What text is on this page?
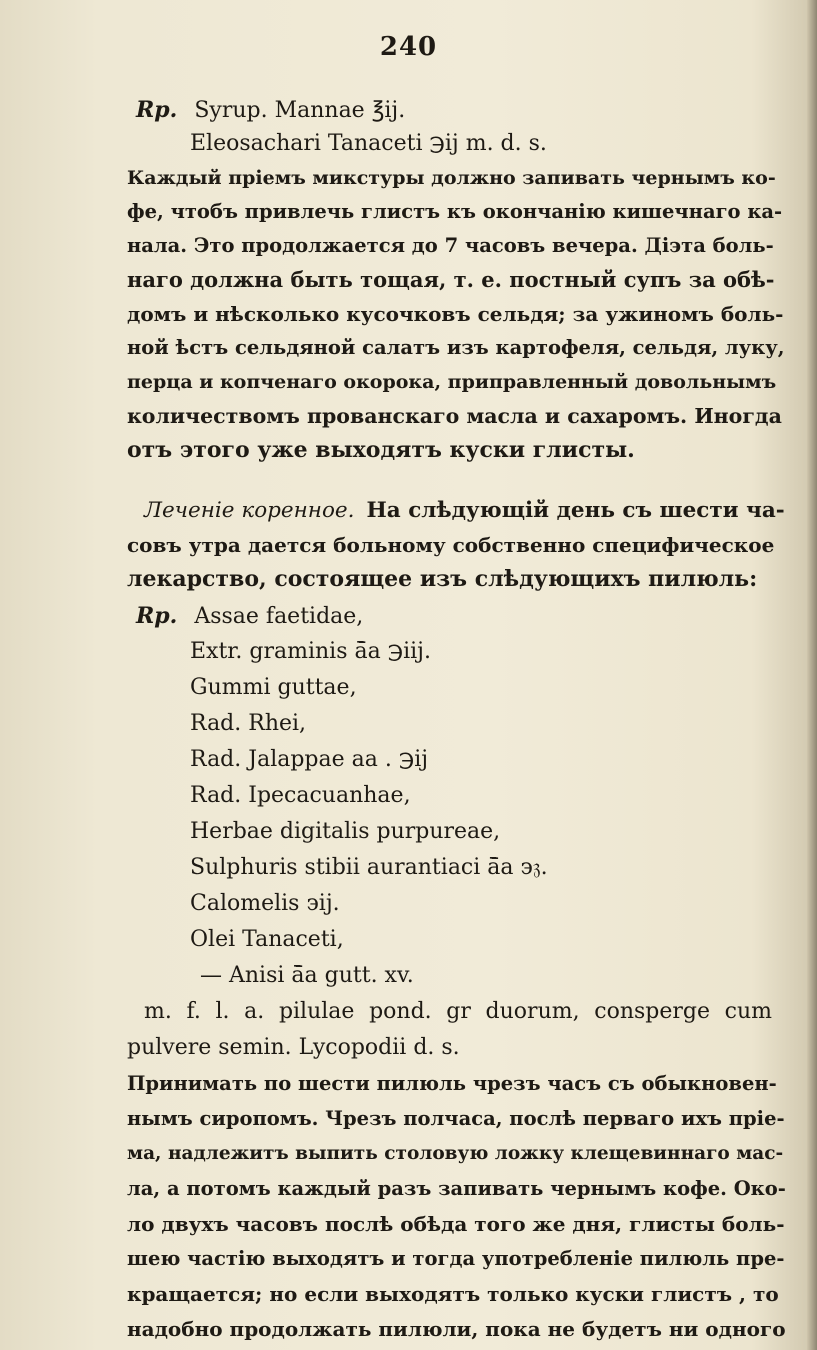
240
Rp. Syrup. Mannae ℥ij.
Eleosachari Tanaceti ℈ij m. d. s.
Каждый пріемъ микстуры должно запивать чернымъ ко-
фе, чтобъ привлечь глистъ къ окончанію кишечнаго ка-
нала. Это продолжается до 7 часовъ вечера. Діэта боль-
наго должна быть тощая, т. е. постный супъ за обѣ-
домъ и нѣсколько кусочковъ сельдя; за ужиномъ боль-
ной ѣстъ сельдяной салатъ изъ картофеля, сельдя, луку,
перца и копченаго окорока, приправленный довольнымъ
количествомъ прованскаго масла и сахаромъ. Иногда
отъ этого уже выходятъ куски глисты.
Леченіе коренное. На слѣдующій день съ шести ча-
совъ утра дается больному собственно специфическое
лекарство, состоящее изъ слѣдующихъ пилюль:
Rp. Assae faetidae,
Extr. graminis ā̄a ℈iij.
Gummi guttae,
Rad. Rhei,
Rad. Jalappae aa . ℈ij
Rad. Ipecacuanhae,
Herbae digitalis purpureae,
Sulphuris stibii aurantiaci ā̄a э𝔷.
Calomelis эij.
Olei Tanaceti,
— Anisi ā̄a gutt. xv.
m. f. l. a. pilulae pond. gr duorum, consperge cum
pulvere semin. Lycopodii d. s.
Принимать по шести пилюль чрезъ часъ съ обыкновен-
нымъ сиропомъ. Чрезъ полчаса, послѣ перваго ихъ прiе-
ма, надлежитъ выпить столовую ложку клещевиннаго мас-
ла, а потомъ каждый разъ запивать чернымъ кофе. Око-
ло двухъ часовъ послѣ обѣда того же дня, глисты боль-
шею частію выходятъ и тогда употребленіе пилюль пре-
кращается; но если выходятъ только куски глистъ , то
надобно продолжать пилюли, пока не будетъ ни одного
